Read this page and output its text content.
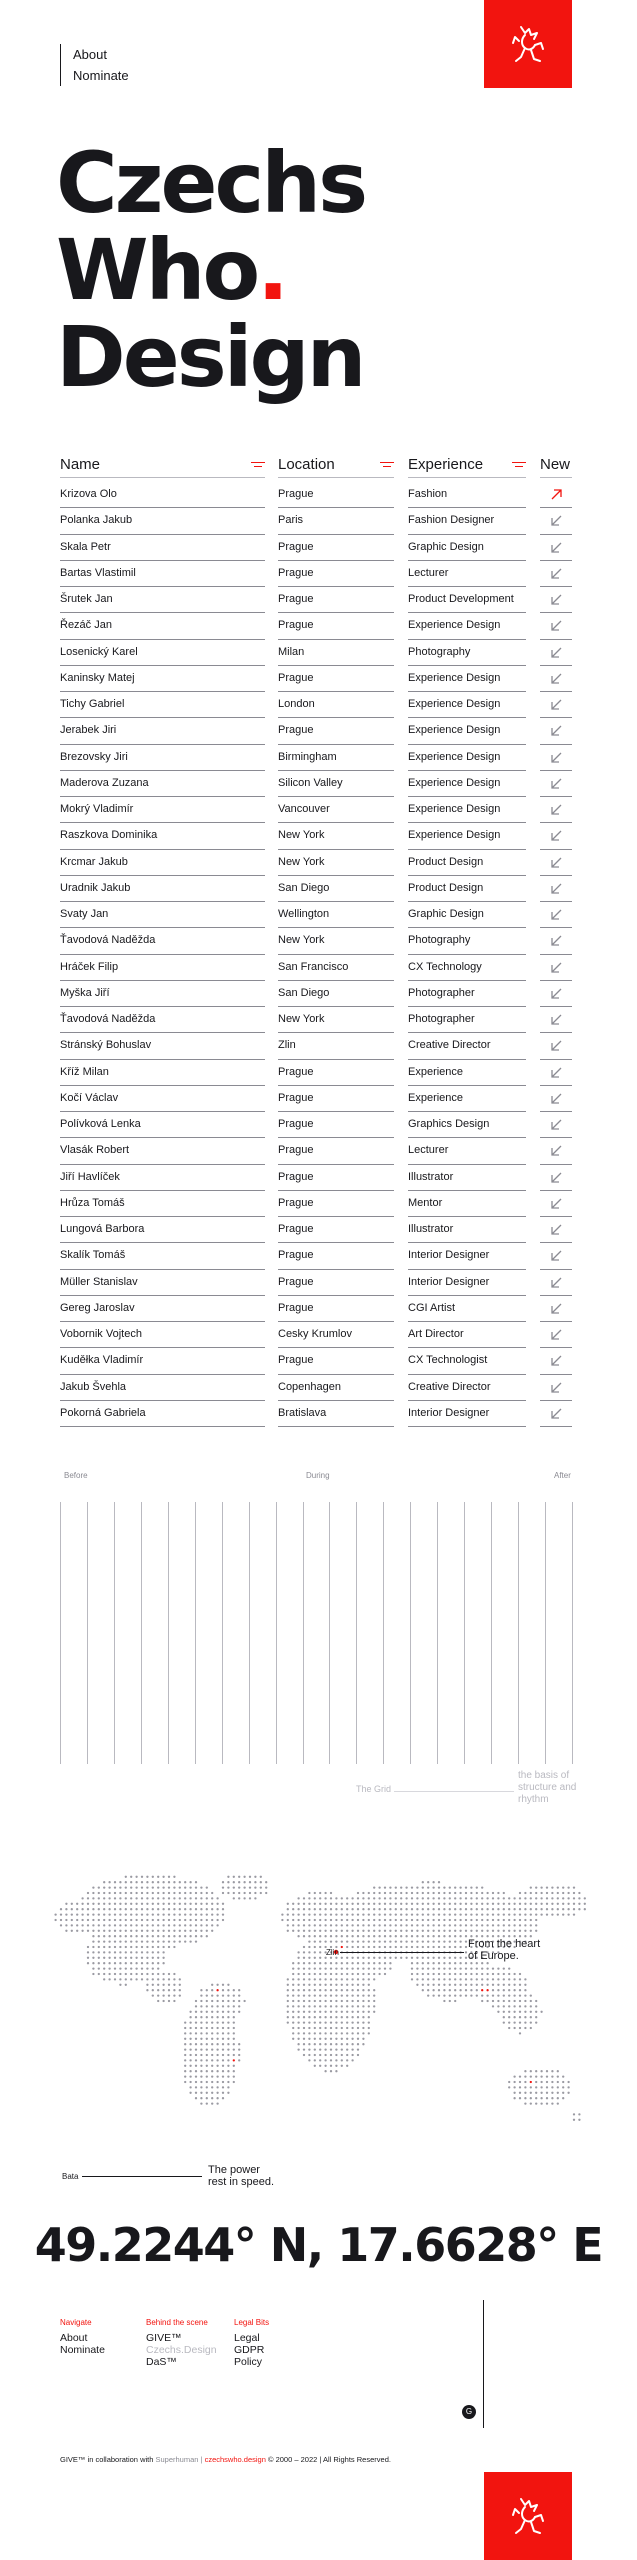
About
Nominate
Czechs
Who.
Design
Name	Location	Experience	New
Krizova Olo	Prague	Fashion
Polanka Jakub	Paris	Fashion Designer
Skala Petr	Prague	Graphic Design
Bartas Vlastimil	Prague	Lecturer
Šrutek Jan	Prague	Product Development
Řezáč Jan	Prague	Experience Design
Losenický Karel	Milan	Photography
Kaninsky Matej	Prague	Experience Design
Tichy Gabriel	London	Experience Design
Jerabek Jiri	Prague	Experience Design
Brezovsky Jiri	Birmingham	Experience Design
Maderova Zuzana	Silicon Valley	Experience Design
Mokrý Vladimír	Vancouver	Experience Design
Raszkova Dominika	New York	Experience Design
Krcmar Jakub	New York	Product Design
Uradnik Jakub	San Diego	Product Design
Svaty Jan	Wellington	Graphic Design
Ťavodová Naděžda	New York	Photography
Hráček Filip	San Francisco	CX Technology
Myška Jiří	San Diego	Photographer
Ťavodová Naděžda	New York	Photographer
Stránský Bohuslav	Zlin	Creative Director
Kříž Milan	Prague	Experience
Kočí Václav	Prague	Experience
Polívková Lenka	Prague	Graphics Design
Vlasák Robert	Prague	Lecturer
Jiří Havlíček	Prague	Illustrator
Hrůza Tomáš	Prague	Mentor
Lungová Barbora	Prague	Illustrator
Skalík Tomáš	Prague	Interior Designer
Müller Stanislav	Prague	Interior Designer
Gereg Jaroslav	Prague	CGI Artist
Vobornik Vojtech	Cesky Krumlov	Art Director
Kuděłka Vladimír	Prague	CX Technologist
Jakub Švehla	Copenhagen	Creative Director
Pokorná Gabriela	Bratislava	Interior Designer
Before	During	After
The Grid
the basis of structure and rhythm
Zlin
From the heart of Europe.
Bata
The power rest in speed.
49.2244° N, 17.6628° E
Navigate
About
Nominate
Behind the scene
GIVE™
Czechs.Design
DaS™
Legal Bits
Legal
GDPR
Policy
G
GIVE™ in collaboration with Superhuman | czechswho.design © 2000 – 2022 | All Rights Reserved.
